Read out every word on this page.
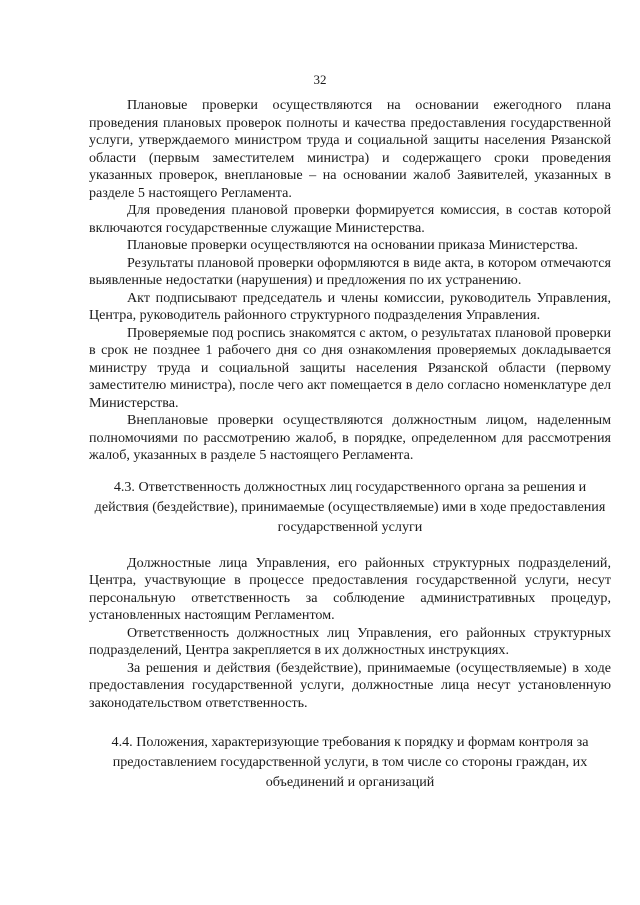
32

Плановые проверки осуществляются на основании ежегодного плана проведения плановых проверок полноты и качества предоставления государственной услуги, утверждаемого министром труда и социальной защиты населения Рязанской области (первым заместителем министра) и содержащего сроки проведения указанных проверок, внеплановые – на основании жалоб Заявителей, указанных в разделе 5 настоящего Регламента.

Для проведения плановой проверки формируется комиссия, в состав которой включаются государственные служащие Министерства.

Плановые проверки осуществляются на основании приказа Министерства.

Результаты плановой проверки оформляются в виде акта, в котором отмечаются выявленные недостатки (нарушения) и предложения по их устранению.

Акт подписывают председатель и члены комиссии, руководитель Управления, Центра, руководитель районного структурного подразделения Управления.

Проверяемые под роспись знакомятся с актом, о результатах плановой проверки в срок не позднее 1 рабочего дня со дня ознакомления проверяемых докладывается министру труда и социальной защиты населения Рязанской области (первому заместителю министра), после чего акт помещается в дело согласно номенклатуре дел Министерства.

Внеплановые проверки осуществляются должностным лицом, наделенным полномочиями по рассмотрению жалоб, в порядке, определенном для рассмотрения жалоб, указанных в разделе 5 настоящего Регламента.

4.3. Ответственность должностных лиц государственного органа за решения и действия (бездействие), принимаемые (осуществляемые) ими в ходе предоставления государственной услуги

Должностные лица Управления, его районных структурных подразделений, Центра, участвующие в процессе предоставления государственной услуги, несут персональную ответственность за соблюдение административных процедур, установленных настоящим Регламентом.

Ответственность должностных лиц Управления, его районных структурных подразделений, Центра закрепляется в их должностных инструкциях.

За решения и действия (бездействие), принимаемые (осуществляемые) в ходе предоставления государственной услуги, должностные лица несут установленную законодательством ответственность.

4.4. Положения, характеризующие требования к порядку и формам контроля за предоставлением государственной услуги, в том числе со стороны граждан, их объединений и организаций
